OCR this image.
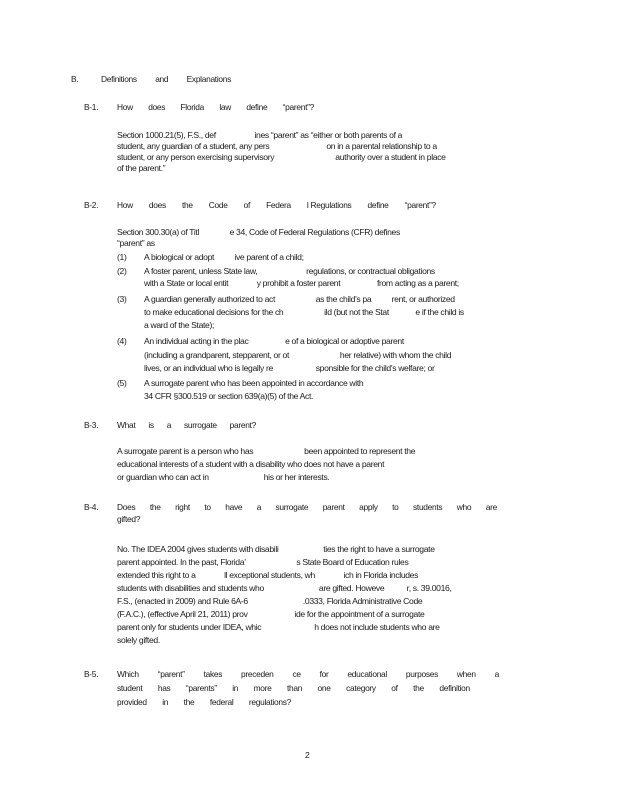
B.	Definitions and Explanations
B-1. How does Florida law define “parent”?
Section 1000.21(5), F.S., def                   ines “parent” as “either or both parents of a
student, any guardian of a student, any pers                            on in a parental relationship to a
student, or any person exercising supervisory                              authority over a student in place
of the parent.”
B-2. How does the Code of Federa l Regulations define “parent”?
Section 300.30(a) of Titl               e 34, Code of Federal Regulations (CFR) defines
“parent” as
(1) A biological or adopt          ive parent of a child;
(2) A foster parent, unless State law,                        regulations, or contractual obligations
with a State or local entit              y prohibit a foster parent                  from acting as a parent;
(3) A guardian generally authorized to act                    as the child’s pa          rent, or authorized
to make educational decisions for the ch                    ild (but not the Stat             e if the child is
a ward of the State);
(4) An individual acting in the plac                  e of a biological or adoptive parent
(including a grandparent, stepparent, or ot                         her relative) with whom the child
lives, or an individual who is legally re                     sponsible for the child’s welfare; or
(5) A surrogate parent who has been appointed in accordance with
34 CFR §300.519 or section 639(a)(5) of the Act.
B-3. What is a surrogate parent?
A surrogate parent is a person who has                         been appointed to represent the
educational interests of a student with a disability who does not have a parent
or guardian who can act in                           his or her interests.
B-4. Does the right to have a surrogate parent apply to students who are
gifted?
No. The IDEA 2004 gives students with disabili                      ties the right to have a surrogate
parent appointed. In the past, Florida’                         s State Board of Education rules
extended this right to a              ll exceptional students, wh              ich in Florida includes
students with disabilities and students who                           are gifted. Howeve           r, s. 39.0016,
F.S., (enacted in 2009) and Rule 6A-6                           .0333, Florida Administrative Code
(F.A.C.), (effective April 21, 2011) prov                       ide for the appointment of a surrogate
parent only for students under IDEA, whic                          h does not include students who are
solely gifted.
B-5. Which “parent” takes preceden ce for educational purposes when a
student has “parents” in more than one category of the definition
provided in the federal regulations?
2
